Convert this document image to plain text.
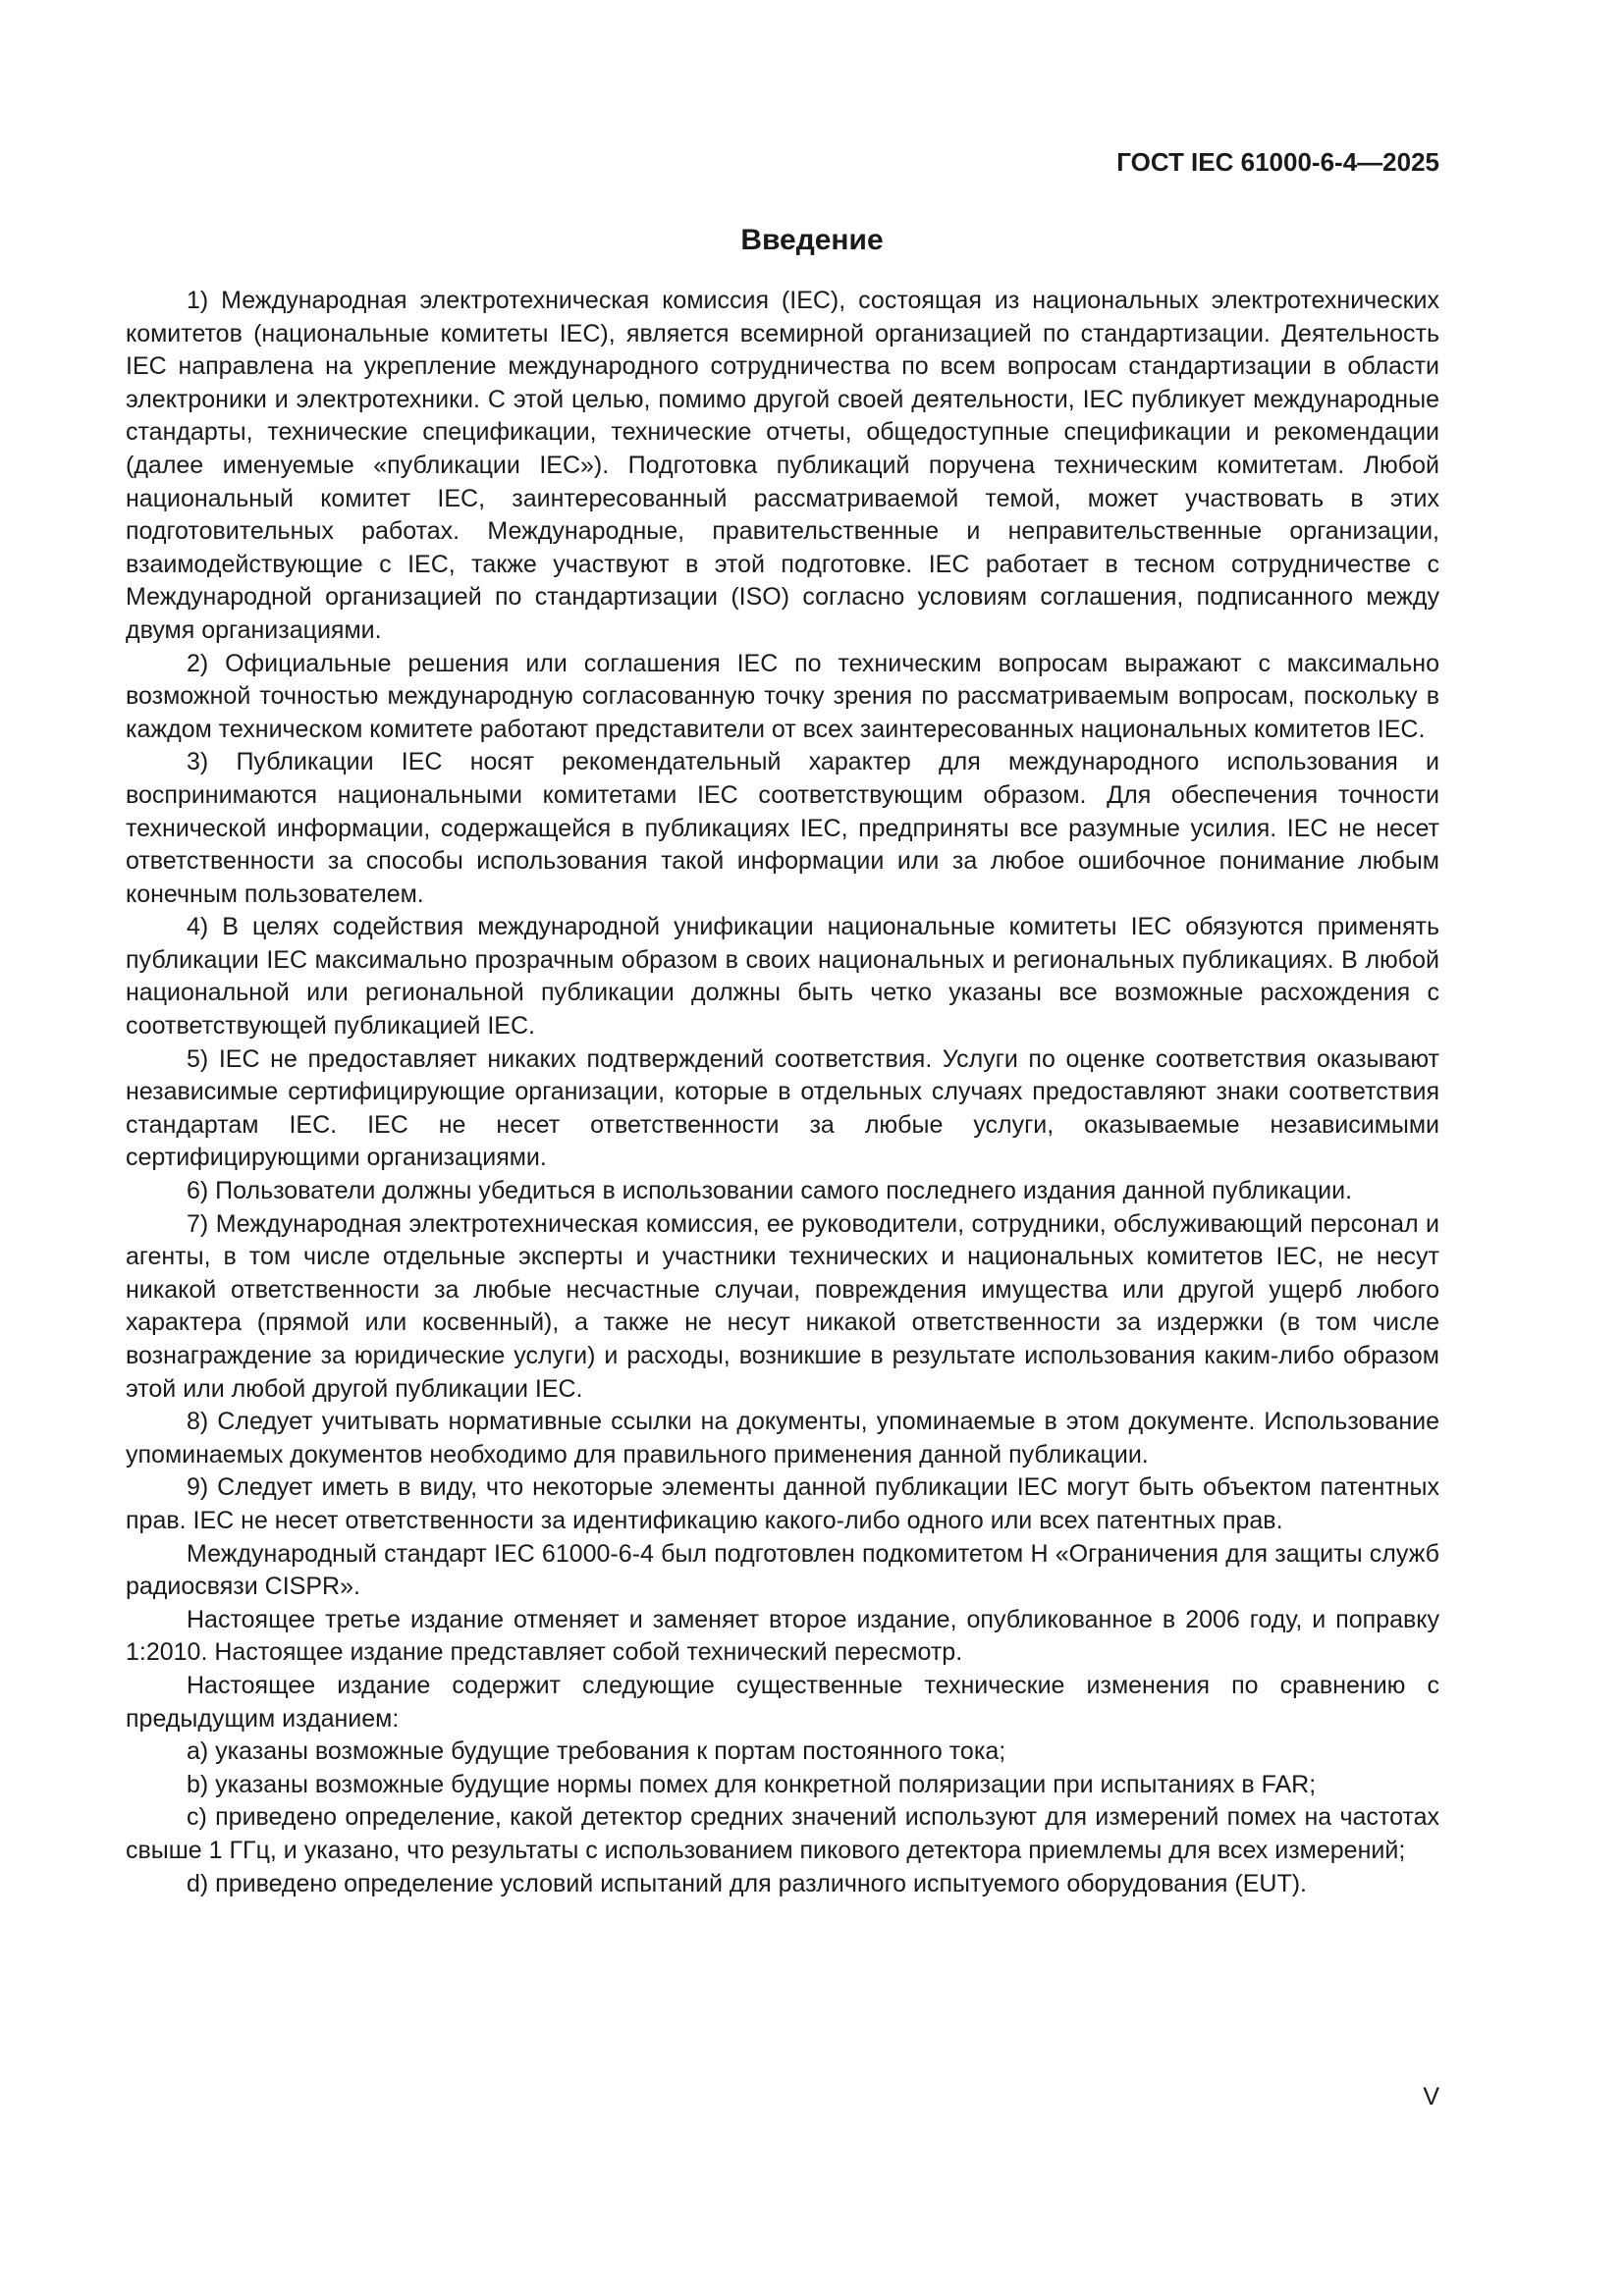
ГОСТ IEC 61000-6-4—2025
Введение

1) Международная электротехническая комиссия (IEC), состоящая из национальных электротехнических комитетов (национальные комитеты IEC), является всемирной организацией по стандартизации. Деятельность IEC направлена на укрепление международного сотрудничества по всем вопросам стандартизации в области электроники и электротехники. С этой целью, помимо другой своей деятельности, IEC публикует международные стандарты, технические спецификации, технические отчеты, общедоступные спецификации и рекомендации (далее именуемые «публикации IEC»). Подготовка публикаций поручена техническим комитетам. Любой национальный комитет IEC, заинтересованный рассматриваемой темой, может участвовать в этих подготовительных работах. Международные, правительственные и неправительственные организации, взаимодействующие с IEC, также участвуют в этой подготовке. IEC работает в тесном сотрудничестве с Международной организацией по стандартизации (ISO) согласно условиям соглашения, подписанного между двумя организациями.

2) Официальные решения или соглашения IEC по техническим вопросам выражают с максимально возможной точностью международную согласованную точку зрения по рассматриваемым вопросам, поскольку в каждом техническом комитете работают представители от всех заинтересованных национальных комитетов IEC.

3) Публикации IEC носят рекомендательный характер для международного использования и воспринимаются национальными комитетами IEC соответствующим образом. Для обеспечения точности технической информации, содержащейся в публикациях IEC, предприняты все разумные усилия. IEC не несет ответственности за способы использования такой информации или за любое ошибочное понимание любым конечным пользователем.

4) В целях содействия международной унификации национальные комитеты IEC обязуются применять публикации IEC максимально прозрачным образом в своих национальных и региональных публикациях. В любой национальной или региональной публикации должны быть четко указаны все возможные расхождения с соответствующей публикацией IEC.

5) IEC не предоставляет никаких подтверждений соответствия. Услуги по оценке соответствия оказывают независимые сертифицирующие организации, которые в отдельных случаях предоставляют знаки соответствия стандартам IEC. IEC не несет ответственности за любые услуги, оказываемые независимыми сертифицирующими организациями.

6) Пользователи должны убедиться в использовании самого последнего издания данной публикации.

7) Международная электротехническая комиссия, ее руководители, сотрудники, обслуживающий персонал и агенты, в том числе отдельные эксперты и участники технических и национальных комитетов IEC, не несут никакой ответственности за любые несчастные случаи, повреждения имущества или другой ущерб любого характера (прямой или косвенный), а также не несут никакой ответственности за издержки (в том числе вознаграждение за юридические услуги) и расходы, возникшие в результате использования каким-либо образом этой или любой другой публикации IEC.

8) Следует учитывать нормативные ссылки на документы, упоминаемые в этом документе. Использование упоминаемых документов необходимо для правильного применения данной публикации.

9) Следует иметь в виду, что некоторые элементы данной публикации IEC могут быть объектом патентных прав. IEC не несет ответственности за идентификацию какого-либо одного или всех патентных прав.

Международный стандарт IEC 61000-6-4 был подготовлен подкомитетом H «Ограничения для защиты служб радиосвязи CISPR».

Настоящее третье издание отменяет и заменяет второе издание, опубликованное в 2006 году, и поправку 1:2010. Настоящее издание представляет собой технический пересмотр.

Настоящее издание содержит следующие существенные технические изменения по сравнению с предыдущим изданием:

a) указаны возможные будущие требования к портам постоянного тока;

b) указаны возможные будущие нормы помех для конкретной поляризации при испытаниях в FAR;

c) приведено определение, какой детектор средних значений используют для измерений помех на частотах свыше 1 ГГц, и указано, что результаты с использованием пикового детектора приемлемы для всех измерений;

d) приведено определение условий испытаний для различного испытуемого оборудования (EUT).

V
